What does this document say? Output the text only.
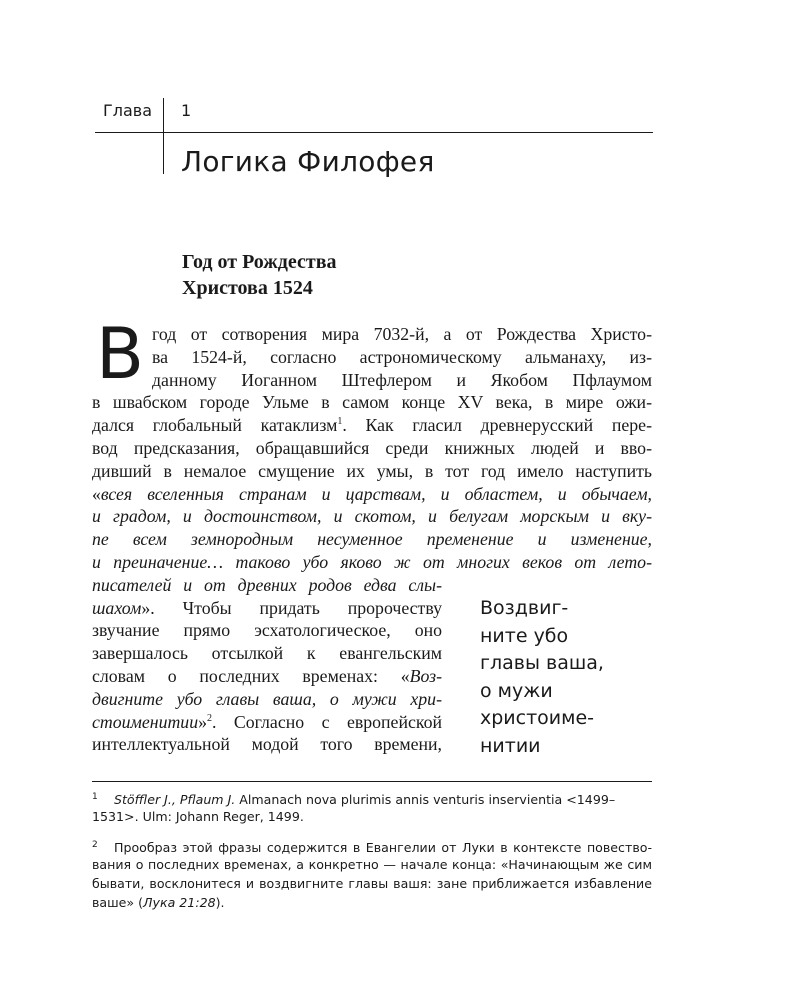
Глава 1
Логика Филофея
Год от Рождества
Христова 1524
В год от сотворения мира 7032-й, а от Рождества Христо-
ва 1524-й, согласно астрономическому альманаху, из-
данному Иоганном Штефлером и Якобом Пфлаумом
в швабском городе Ульме в самом конце XV века, в мире ожи-
дался глобальный катаклизм$^1$. Как гласил древнерусский пере-
вод предсказания, обращавшийся среди книжных людей и вво-
дивший в немалое смущение их умы, в тот год имело наступить
«всея вселенныя странам и царствам, и областем, и обычаем,
и градом, и достоинством, и скотом, и белугам морскым и вку-
пе всем земнородным несуменное пременение и изменение,
и преиначение… таково убо яково ж от многих веков от лето-
писателей и от древних родов едва слы-
шахом». Чтобы придать пророчеству
звучание прямо эсхатологическое, оно
завершалось отсылкой к евангельским
словам о последних временах: «Воз-
двигните убо главы ваша, о мужи хри-
стоименитии»$^2$. Согласно с европейской
интеллектуальной модой того времени,
Воздвиг-
ните убо
главы ваша,
о мужи
христоиме-
нитии
$^1$ Stöffler J., Pflaum J. Almanach nova plurimis annis venturis inservientia <1499–
1531>. Ulm: Johann Reger, 1499.
$^2$ Прообраз этой фразы содержится в Евангелии от Луки в контексте повество-
вания о последних временах, а конкретно — начале конца: «Начинающым же сим
бывати, восклонитеся и воздвигните главы вашя: зане приближается избавление
ваше» (Лука 21:28).
